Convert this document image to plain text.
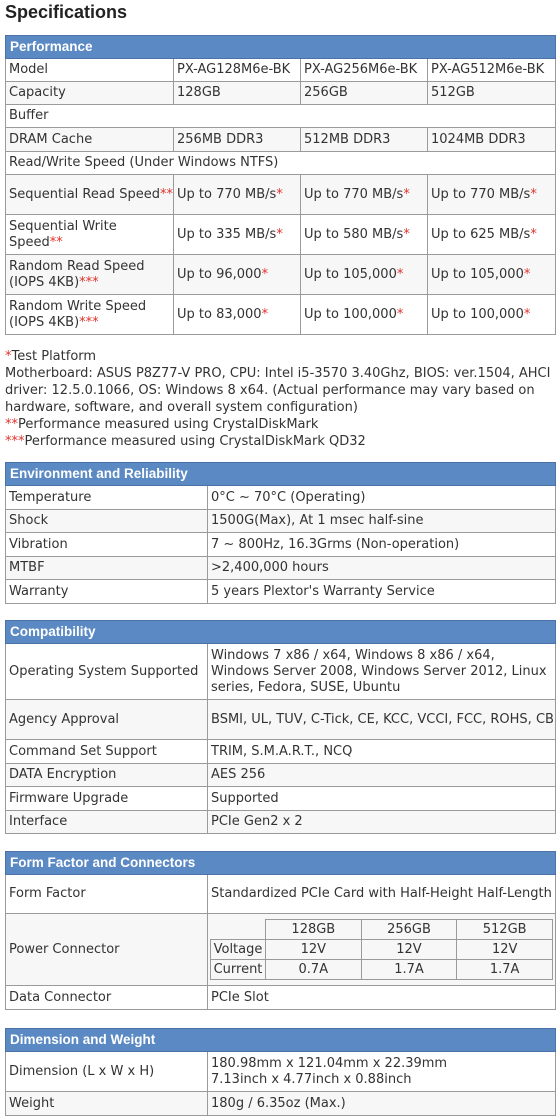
Specifications
Performance			
Model	PX-AG128M6e-BK	PX-AG256M6e-BK	PX-AG512M6e-BK
Capacity	128GB	256GB	512GB
Buffer			
DRAM Cache	256MB DDR3	512MB DDR3	1024MB DDR3
Read/Write Speed (Under Windows NTFS)			
Sequential Read Speed**	Up to 770 MB/s*	Up to 770 MB/s*	Up to 770 MB/s*
Sequential Write Speed**	Up to 335 MB/s*	Up to 580 MB/s*	Up to 625 MB/s*
Random Read Speed (IOPS 4KB)***	Up to 96,000*	Up to 105,000*	Up to 105,000*
Random Write Speed (IOPS 4KB)***	Up to 83,000*	Up to 100,000*	Up to 100,000*
*Test Platform
Motherboard: ASUS P8Z77-V PRO, CPU: Intel i5-3570 3.40Ghz, BIOS: ver.1504, AHCI driver: 12.5.0.1066, OS: Windows 8 x64. (Actual performance may vary based on hardware, software, and overall system configuration)
**Performance measured using CrystalDiskMark
***Performance measured using CrystalDiskMark QD32
Environment and Reliability	
Temperature	0°C ~ 70°C (Operating)
Shock	1500G(Max), At 1 msec half-sine
Vibration	7 ~ 800Hz, 16.3Grms (Non-operation)
MTBF	>2,400,000 hours
Warranty	5 years Plextor's Warranty Service
Compatibility	
Operating System Supported	Windows 7 x86 / x64, Windows 8 x86 / x64, Windows Server 2008, Windows Server 2012, Linux series, Fedora, SUSE, Ubuntu
Agency Approval	BSMI, UL, TUV, C-Tick, CE, KCC, VCCI, FCC, ROHS, CB
Command Set Support	TRIM, S.M.A.R.T., NCQ
DATA Encryption	AES 256
Firmware Upgrade	Supported
Interface	PCIe Gen2 x 2
Form Factor and Connectors
Form Factor	Standardized PCIe Card with Half-Height Half-Length
Power Connector	
	128GB	256GB	512GB
Voltage	12V	12V	12V
Current	0.7A	1.7A	1.7A

Data Connector	PCIe Slot
Dimension and Weight	
Dimension (L x W x H)	180.98mm x 121.04mm x 22.39mm
7.13inch x 4.77inch x 0.88inch

Weight	180g / 6.35oz (Max.)
